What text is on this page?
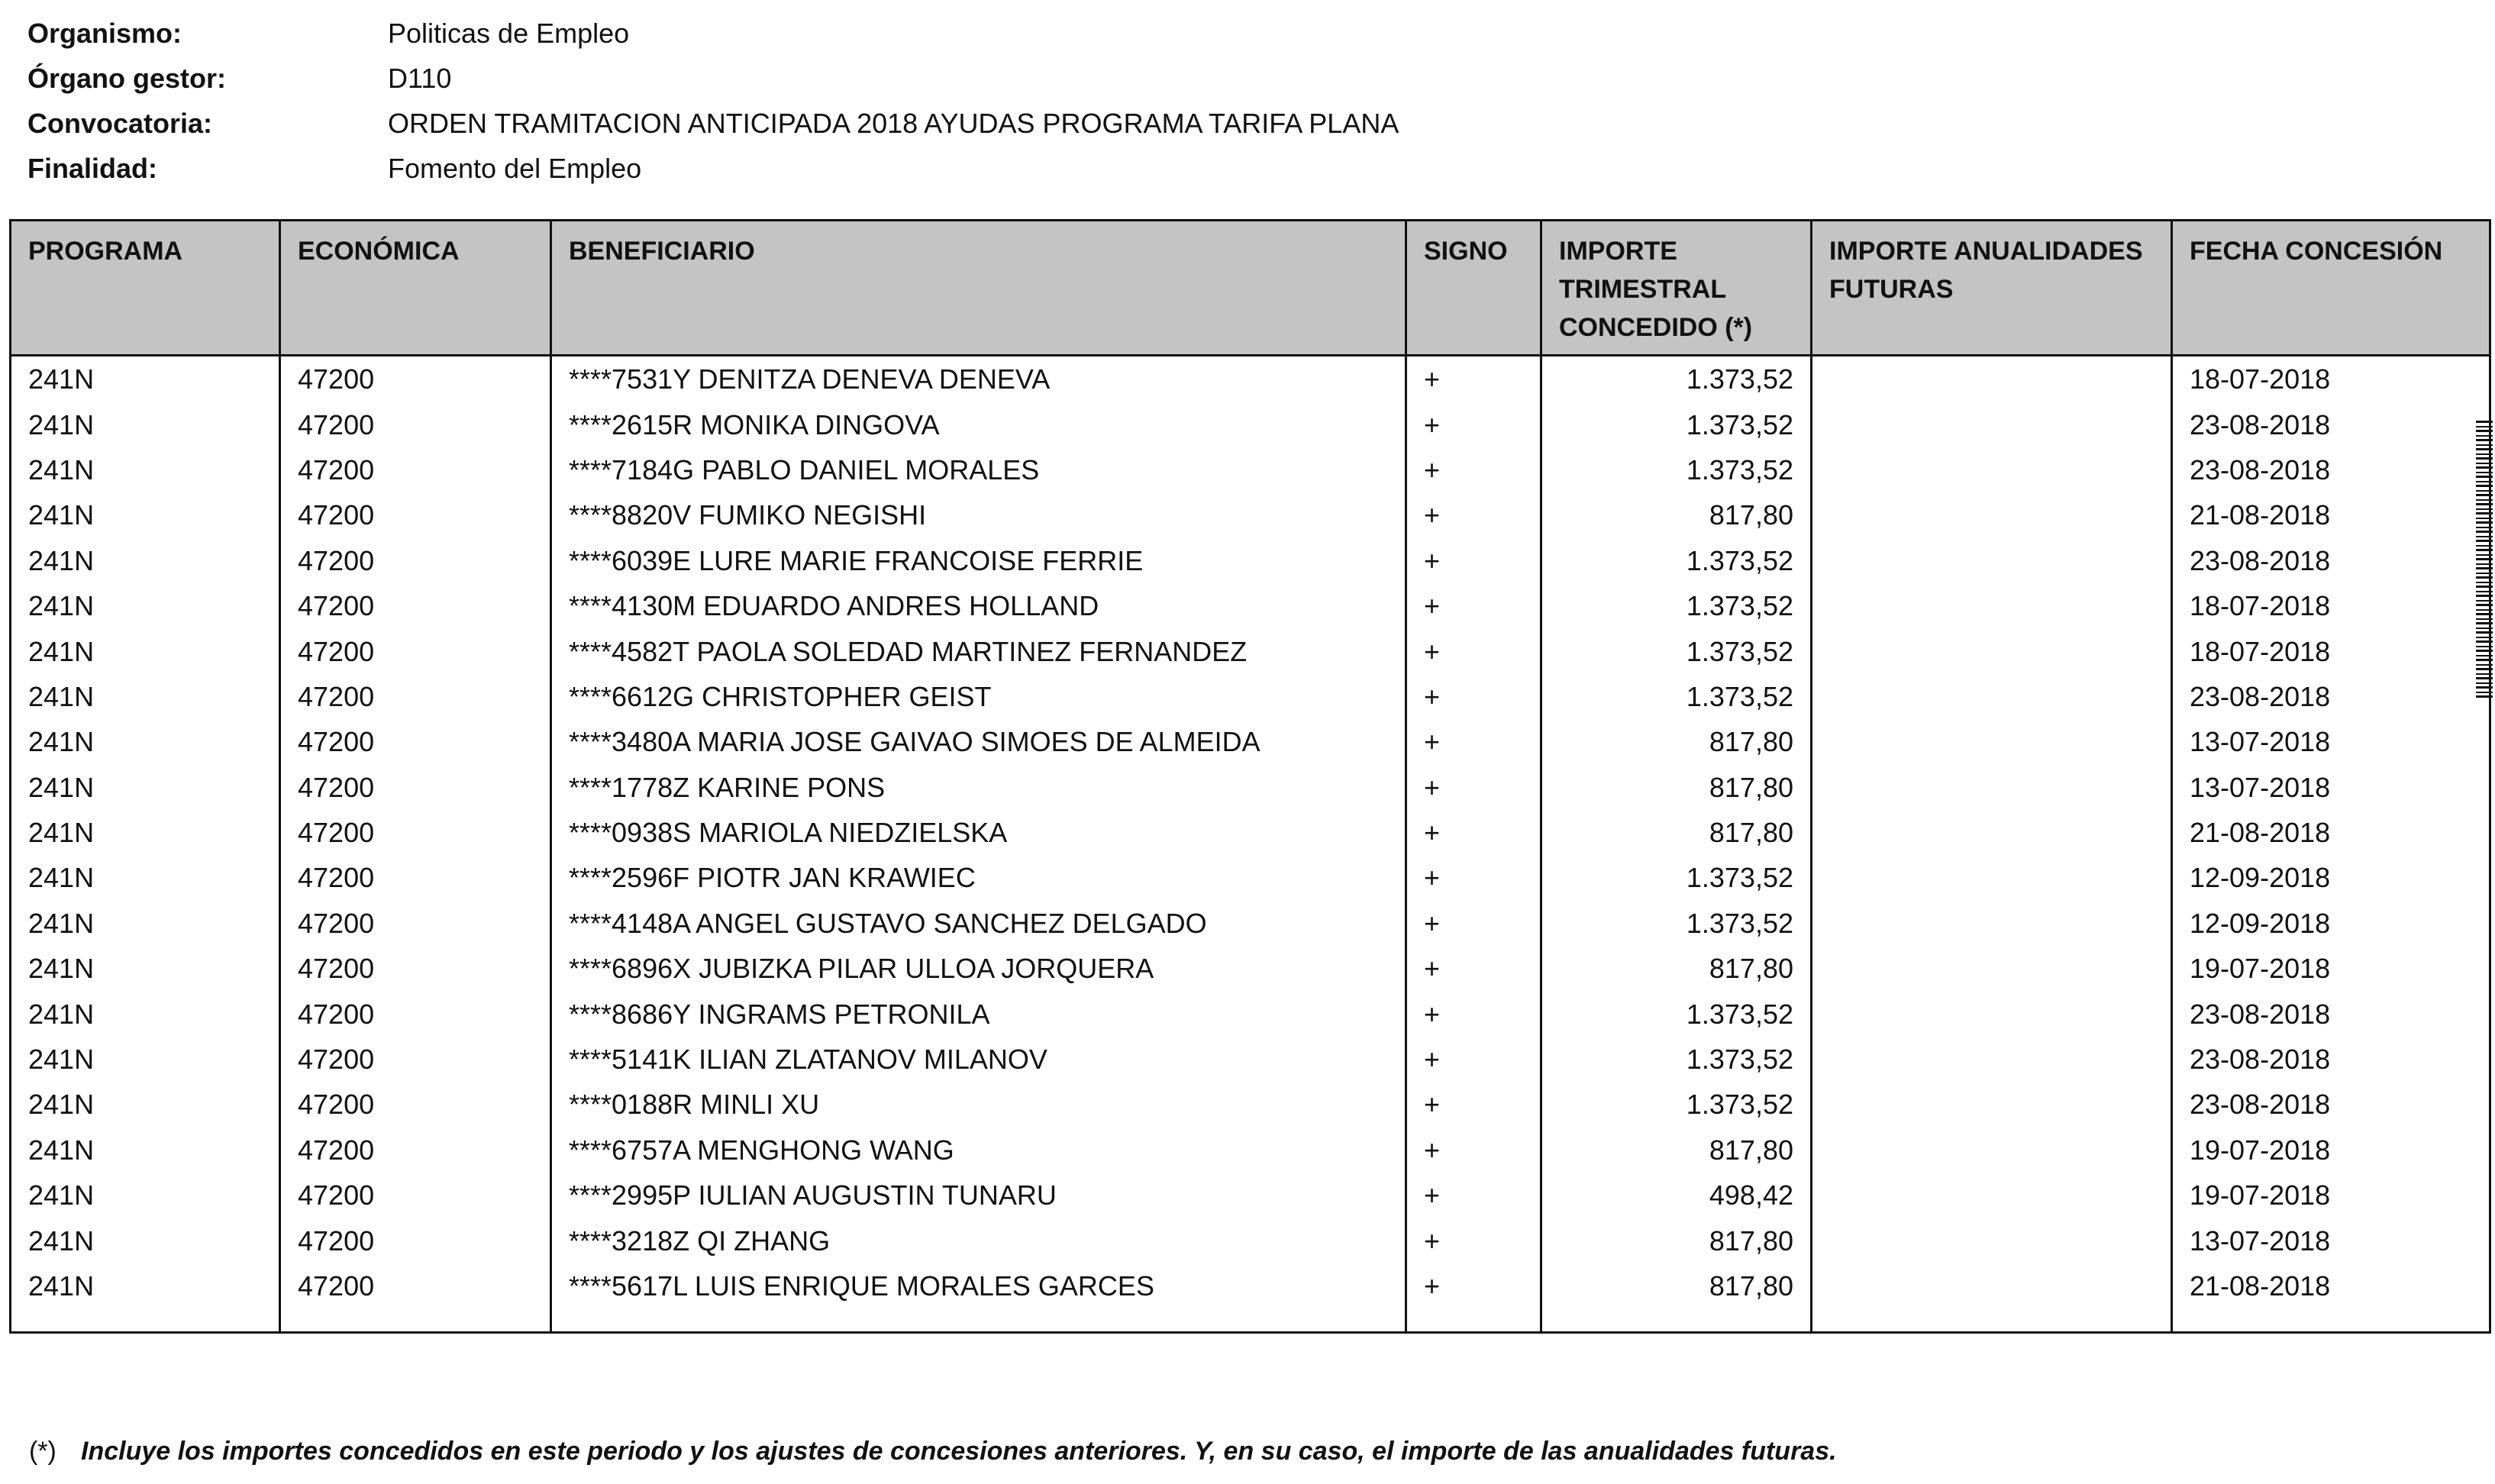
Organismo:	Politicas de Empleo
Órgano gestor:	D110
Convocatoria:	ORDEN TRAMITACION ANTICIPADA 2018 AYUDAS PROGRAMA TARIFA PLANA
Finalidad:	Fomento del Empleo
PROGRAMA	ECONÓMICA	BENEFICIARIO	SIGNO	IMPORTE TRIMESTRAL CONCEDIDO (*)	IMPORTE ANUALIDADES FUTURAS	FECHA CONCESIÓN
241N	47200	****7531Y DENITZA DENEVA DENEVA	+	1.373,52		18-07-2018
241N	47200	****2615R MONIKA DINGOVA	+	1.373,52		23-08-2018
241N	47200	****7184G PABLO DANIEL MORALES	+	1.373,52		23-08-2018
241N	47200	****8820V FUMIKO NEGISHI	+	817,80		21-08-2018
241N	47200	****6039E LURE MARIE FRANCOISE FERRIE	+	1.373,52		23-08-2018
241N	47200	****4130M EDUARDO ANDRES HOLLAND	+	1.373,52		18-07-2018
241N	47200	****4582T PAOLA SOLEDAD MARTINEZ FERNANDEZ	+	1.373,52		18-07-2018
241N	47200	****6612G CHRISTOPHER GEIST	+	1.373,52		23-08-2018
241N	47200	****3480A MARIA JOSE GAIVAO SIMOES DE ALMEIDA	+	817,80		13-07-2018
241N	47200	****1778Z KARINE PONS	+	817,80		13-07-2018
241N	47200	****0938S MARIOLA NIEDZIELSKA	+	817,80		21-08-2018
241N	47200	****2596F PIOTR JAN KRAWIEC	+	1.373,52		12-09-2018
241N	47200	****4148A ANGEL GUSTAVO SANCHEZ DELGADO	+	1.373,52		12-09-2018
241N	47200	****6896X JUBIZKA PILAR ULLOA JORQUERA	+	817,80		19-07-2018
241N	47200	****8686Y INGRAMS PETRONILA	+	1.373,52		23-08-2018
241N	47200	****5141K ILIAN ZLATANOV MILANOV	+	1.373,52		23-08-2018
241N	47200	****0188R MINLI XU	+	1.373,52		23-08-2018
241N	47200	****6757A MENGHONG WANG	+	817,80		19-07-2018
241N	47200	****2995P IULIAN AUGUSTIN TUNARU	+	498,42		19-07-2018
241N	47200	****3218Z QI ZHANG	+	817,80		13-07-2018
241N	47200	****5617L LUIS ENRIQUE MORALES GARCES	+	817,80		21-08-2018

(*) Incluye los importes concedidos en este periodo y los ajustes de concesiones anteriores. Y, en su caso, el importe de las anualidades futuras.
